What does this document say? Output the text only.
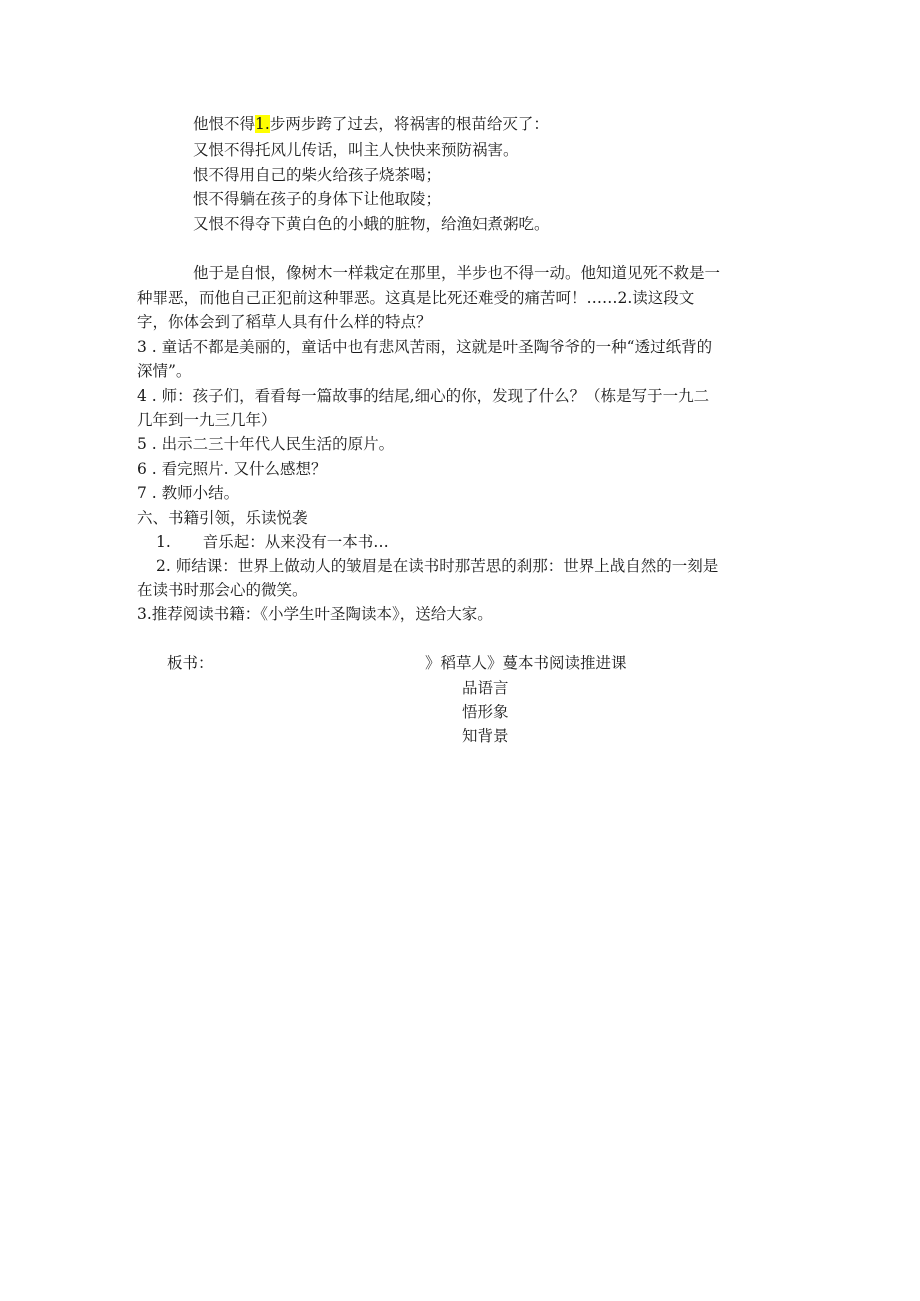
他恨不得1.步两步跨了过去，将祸害的根苗给灭了：
又恨不得托风儿传话，叫主人快快来预防祸害。
恨不得用自己的柴火给孩子烧茶喝；
恨不得躺在孩子的身体下让他取陵；
又恨不得夺下黄白色的小蛾的脏物，给渔妇煮粥吃。
他于是自恨，像树木一样栽定在那里，半步也不得一动。他知道见死不救是一
种罪恶，而他自己正犯前这种罪恶。这真是比死还难受的痛苦呵！……2.读这段文
字，你体会到了稻草人具有什么样的特点？
3 . 童话不都是美丽的，童话中也有悲风苦雨，这就是叶圣陶爷爷的一种“透过纸背的
深情”。
4 . 师：孩子们，看看每一篇故事的结尾,细心的你，发现了什么？（栋是写于一九二
几年到一九三几年）
5 . 出示二三十年代人民生活的原片。
6 . 看完照片. 又什么感想？
7 . 教师小结。
六、书籍引领，乐读悦袭
1. 音乐起：从来没有一本书…
2. 师结课：世界上做动人的皱眉是在读书时那苦思的刹那：世界上战自然的一刻是
在读书时那会心的微笑。
3.推荐阅读书籍：《小学生叶圣陶读本》，送给大家。
板书：	》稻草人》蔓本书阅读推进课
品语言
悟形象
知背景
